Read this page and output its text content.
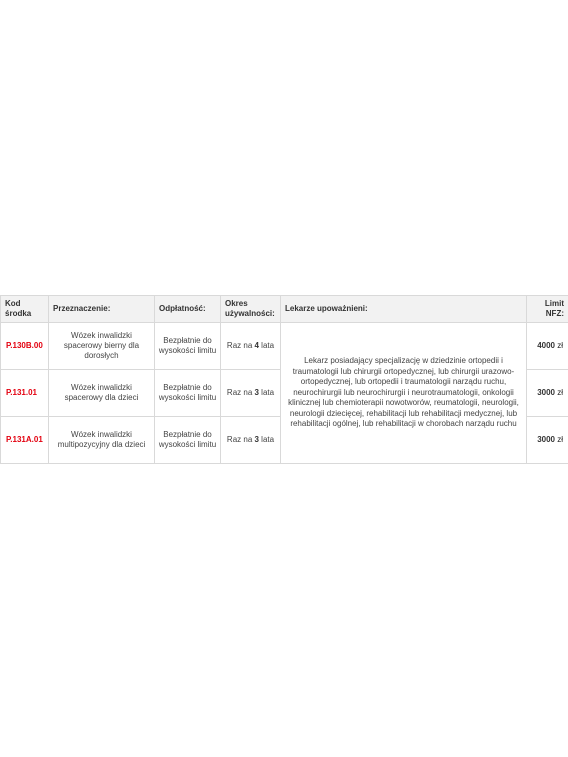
Kod środka	Przeznaczenie:	Odpłatność:	Okres używalności:	Lekarze upoważnieni:	Limit NFZ:
P.130B.00	Wózek inwalidzki spacerowy bierny dla dorosłych	Bezpłatnie do wysokości limitu	Raz na 4 lata	Lekarz posiadający specjalizację w dziedzinie ortopedii i traumatologii lub chirurgii ortopedycznej, lub chirurgii urazowo-ortopedycznej, lub ortopedii i traumatologii narządu ruchu, neurochirurgii lub neurochirurgii i neurotraumatologii, onkologii klinicznej lub chemioterapii nowotworów, reumatologii, neurologii, neurologii dziecięcej, rehabilitacji lub rehabilitacji medycznej, lub rehabilitacji ogólnej, lub rehabilitacji w chorobach narządu ruchu	4000 zł
P.131.01	Wózek inwalidzki spacerowy dla dzieci	Bezpłatnie do wysokości limitu	Raz na 3 lata		3000 zł
P.131A.01	Wózek inwalidzki multipozycyjny dla dzieci	Bezpłatnie do wysokości limitu	Raz na 3 lata		3000 zł
